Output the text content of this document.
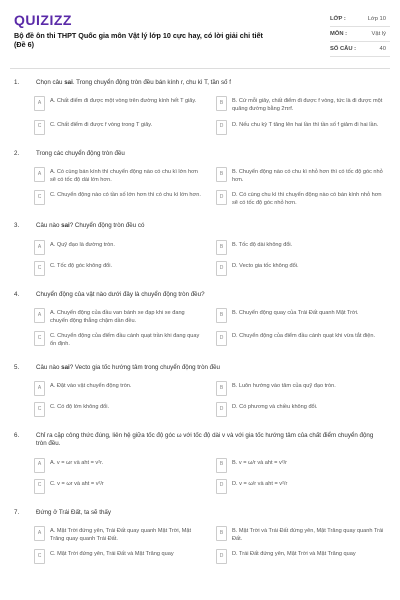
QUIZIZZ
Bộ đề ôn thi THPT Quốc gia môn Vật lý lớp 10 cực hay, có lời giải chi tiết (Đề 6)
LỚP :	Lớp 10
MÔN :	Vật lý
SỐ CÂU :	40
1.	Chọn câu sai. Trong chuyển động tròn đều bán kính r, chu kì T, tần số f
A	A. Chất điểm đi được một vòng trên đường kính hết T giây.	B	B. Cứ mỗi giây, chất điểm đi được f vòng, tức là đi được một quãng đường bằng 2πrf.
C	C. Chất điểm đi được f vòng trong T giây.	D	D. Nếu chu kỳ T tăng lên hai lần thì tần số f giảm đi hai lần.
2.	Trong các chuyển động tròn đều
A	A. Có cùng bán kính thì chuyển động nào có chu kì lớn hơn sẽ có tốc độ dài lớn hơn.
B	B. Chuyển động nào có chu kì nhỏ hơn thì có tốc độ góc nhỏ hơn.
C	C. Chuyển động nào có tần số lớn hơn thì có chu kì lớn hơn.	D	D. Có cùng chu kì thì chuyển động nào có bán kính nhỏ hơn sẽ có tốc độ góc nhỏ hơn.
3.	Câu nào sai? Chuyển động tròn đều có
A	A. Quỹ đạo là đường tròn.	B	B. Tốc độ dài không đổi.
C	C. Tốc độ góc không đổi.	D	D. Vecto gia tốc không đổi.
4.	Chuyển động của vật nào dưới đây là chuyển động tròn đều?
A	A. Chuyển động của đầu van bánh xe đạp khi xe đang chuyển động thẳng chậm dần đều.
B	B. Chuyển động quay của Trái Đất quanh Mặt Trời.
C	C. Chuyển động của điểm đầu cánh quạt trần khi đang quay ổn định.
D	D. Chuyển động của điểm đầu cánh quạt khi vừa tắt điện.
5.	Câu nào sai? Vecto gia tốc hướng tâm trong chuyển động tròn đều
A	A. Đặt vào vật chuyển động tròn.	B	B. Luôn hướng vào tâm của quỹ đạo tròn.
C	C. Có độ lớn không đổi.	D	D. Có phương và chiều không đổi.
6.	Chỉ ra cặp công thức đúng, liên hệ giữa tốc độ góc ω với tốc độ dài v và với gia tốc hướng tâm của chất điểm chuyển động tròn đều.
A	A. v = ωr và aht = v²r.	B	B. v = ω/r và aht = v²/r
C	C. v = ωr và aht = v²/r	D	D. v = ω/r và aht = v²/r
7.	Đứng ở Trái Đất, ta sẽ thấy
A	A. Mặt Trời đứng yên, Trái Đất quay quanh Mặt Trời, Mặt Trăng quay quanh Trái Đất.
B	B. Mặt Trời và Trái Đất đứng yên, Mặt Trăng quay quanh Trái Đất.
C	C. Mặt Trời đứng yên, Trái Đất và Mặt Trăng quay	D	D. Trái Đất đứng yên, Mặt Trời và Mặt Trăng quay
